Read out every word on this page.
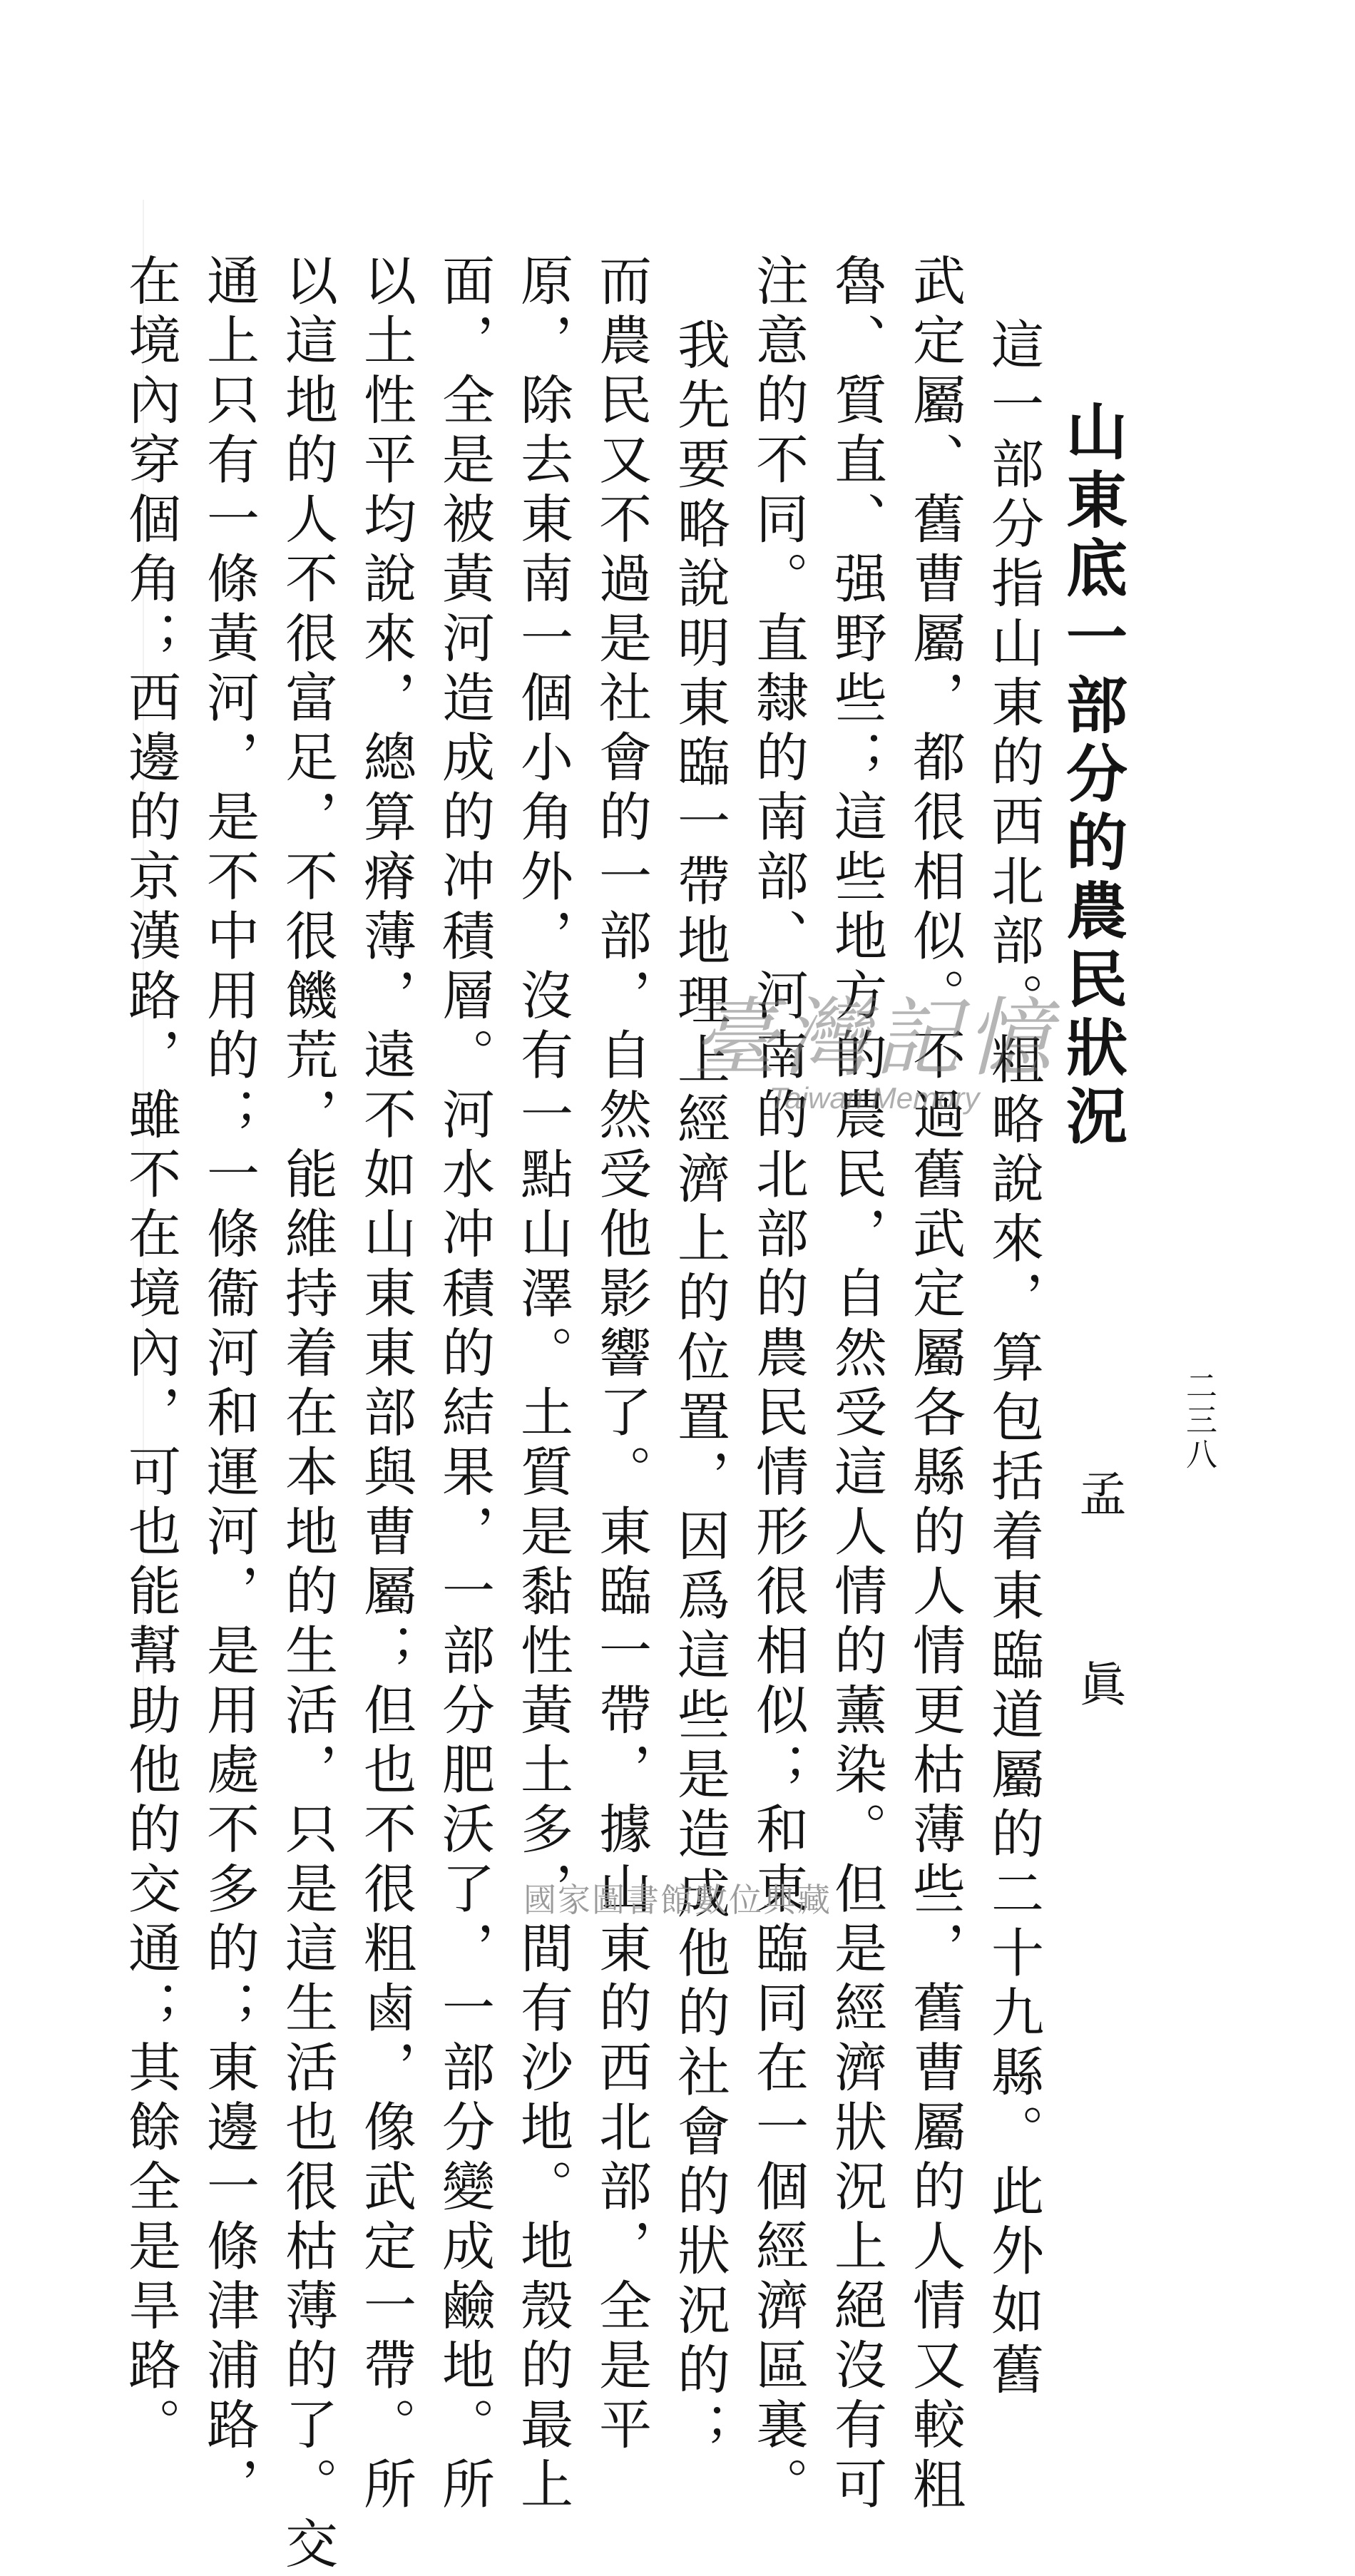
二三八
山東底一部分的農民狀況
孟 眞
這一部分指山東的西北部。粗略說來，算包括着東臨道屬的二十九縣。此外如舊
武定屬、舊曹屬，都很相似。不過舊武定屬各縣的人情更枯薄些，舊曹屬的人情又較粗
魯、質直、强野些；這些地方的農民，自然受這人情的薰染。但是經濟狀況上絕沒有可
注意的不同。直隸的南部、河南的北部的農民情形很相似；和東臨同在一個經濟區裏。
我先要略說明東臨一帶地理上經濟上的位置，因爲這些是造成他的社會的狀況的；
而農民又不過是社會的一部，自然受他影響了。東臨一帶，據山東的西北部，全是平
原，除去東南一個小角外，沒有一點山澤。土質是黏性黃土多，間有沙地。地殼的最上
面，全是被黃河造成的冲積層。河水冲積的結果，一部分肥沃了，一部分變成鹼地。所
以土性平均說來，總算瘠薄，遠不如山東東部與曹屬；但也不很粗鹵，像武定一帶。所
以這地的人不很富足，不很饑荒，能維持着在本地的生活，只是這生活也很枯薄的了。交
通上只有一條黃河，是不中用的；一條衞河和運河，是用處不多的；東邊一條津浦路，
在境內穿個角；西邊的京漢路，雖不在境內，可也能幫助他的交通；其餘全是旱路。	臺灣記憶
Taiwan Memory
國家圖書館數位典藏
